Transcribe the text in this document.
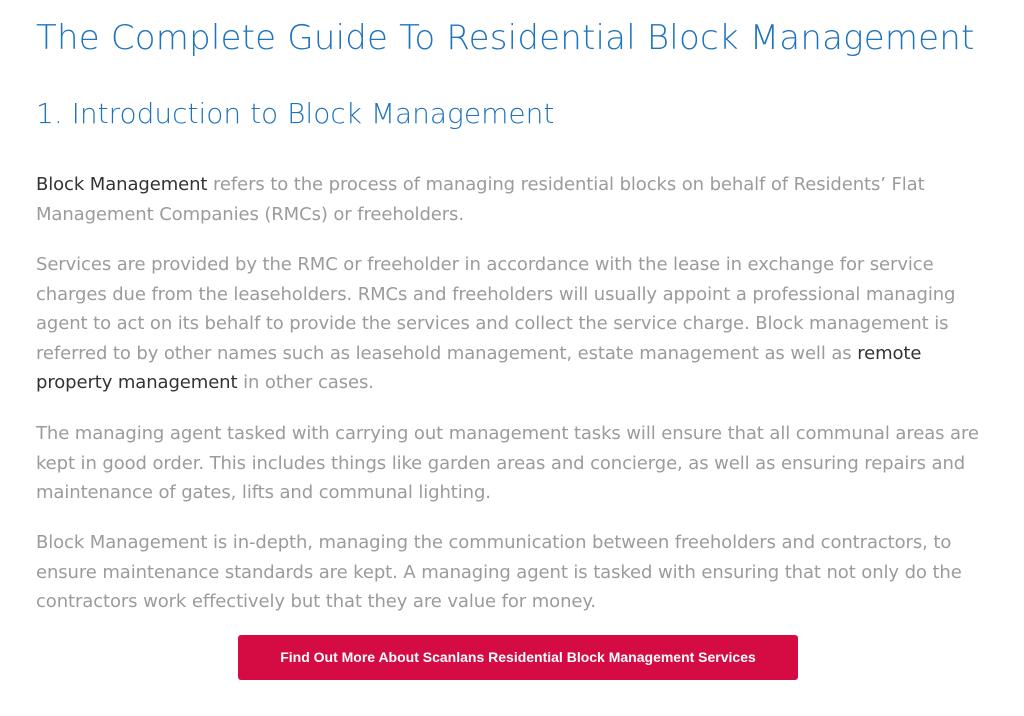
The Complete Guide To Residential Block Management
1. Introduction to Block Management

Block Management refers to the process of managing residential blocks on behalf of Residents’ Flat Management Companies (RMCs) or freeholders.

Services are provided by the RMC or freeholder in accordance with the lease in exchange for service charges due from the leaseholders. RMCs and freeholders will usually appoint a professional managing agent to act on its behalf to provide the services and collect the service charge. Block management is referred to by other names such as leasehold management, estate management as well as remote property management in other cases.

The managing agent tasked with carrying out management tasks will ensure that all communal areas are kept in good order. This includes things like garden areas and concierge, as well as ensuring repairs and maintenance of gates, lifts and communal lighting.

Block Management is in-depth, managing the communication between freeholders and contractors, to ensure maintenance standards are kept. A managing agent is tasked with ensuring that not only do the contractors work effectively but that they are value for money.

Find Out More About Scanlans Residential Block Management Services
